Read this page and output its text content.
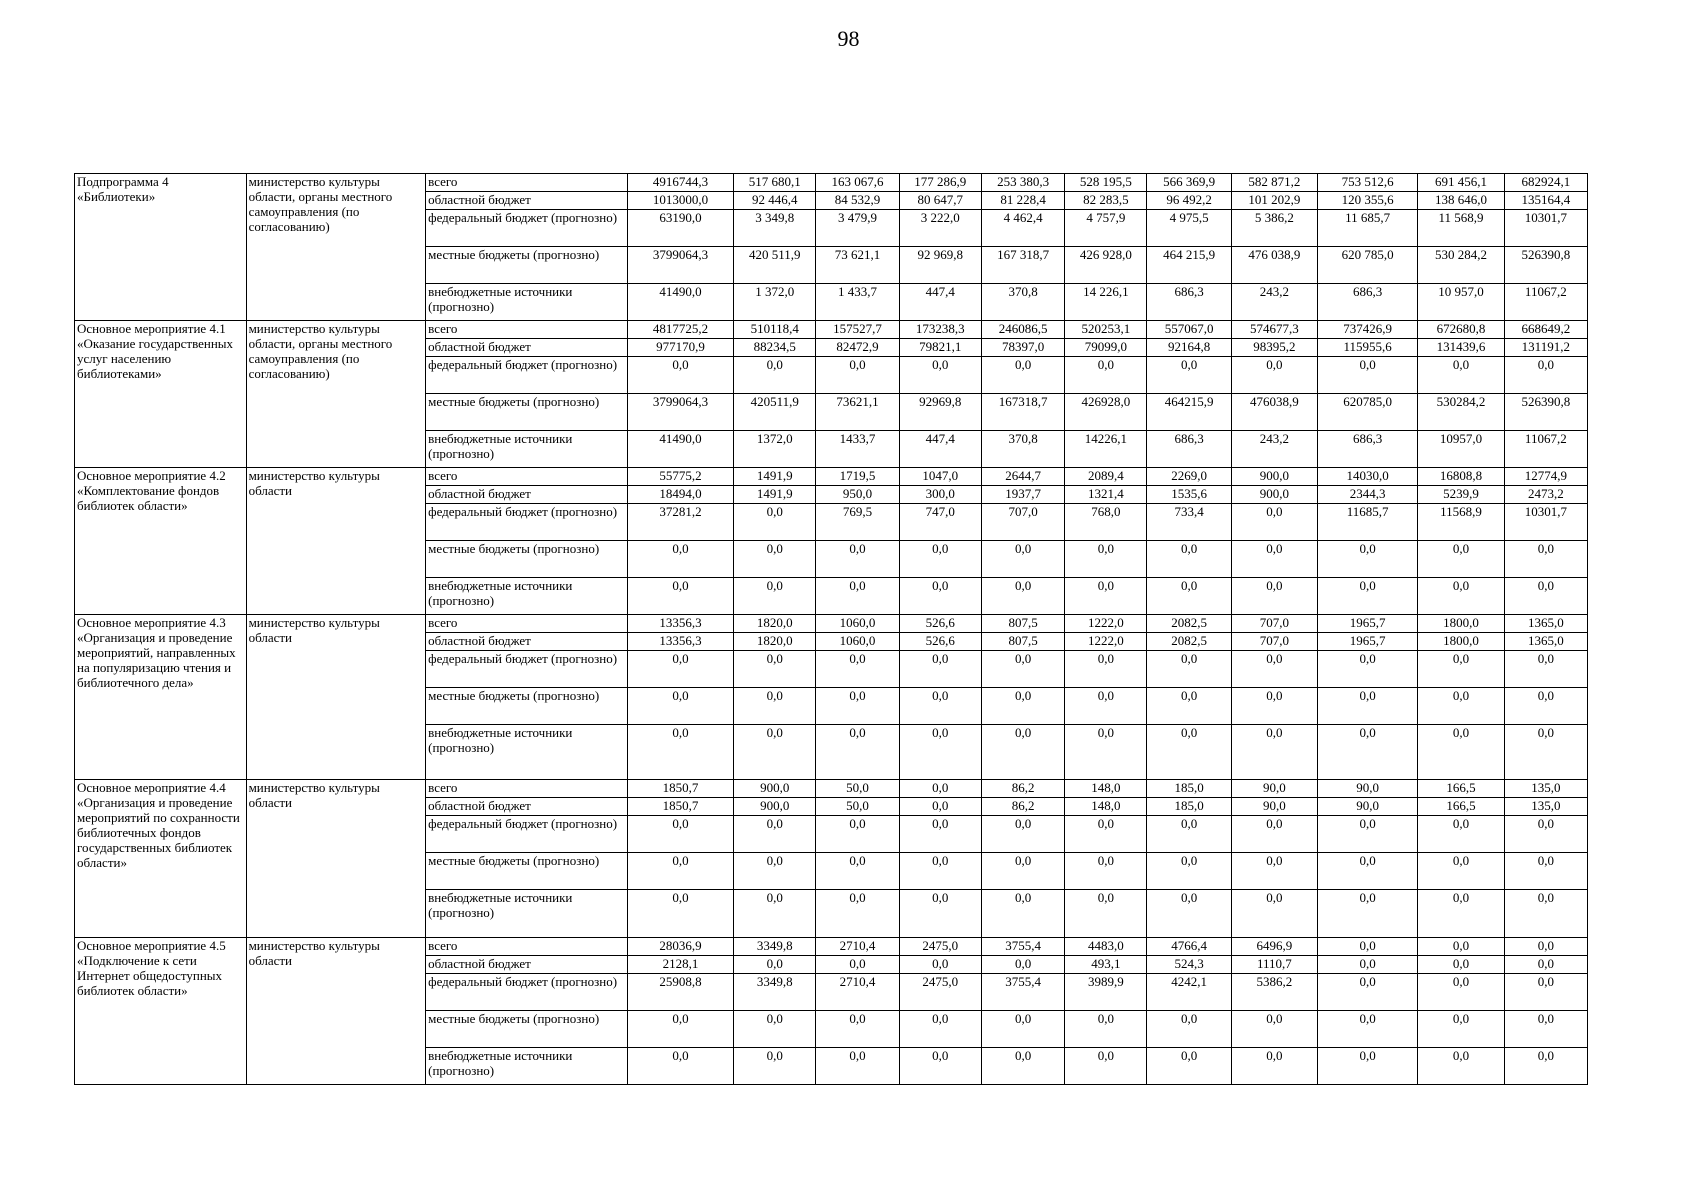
98
Подпрограмма 4 «Библиотеки»	министерство культуры области, органы местного самоуправления (по согласованию)	всего	4916744,3	517 680,1	163 067,6	177 286,9	253 380,3	528 195,5	566 369,9	582 871,2	753 512,6	691 456,1	682924,1
		областной бюджет	1013000,0	92 446,4	84 532,9	80 647,7	81 228,4	82 283,5	96 492,2	101 202,9	120 355,6	138 646,0	135164,4
		федеральный бюджет (прогнозно)	63190,0	3 349,8	3 479,9	3 222,0	4 462,4	4 757,9	4 975,5	5 386,2	11 685,7	11 568,9	10301,7
		местные бюджеты (прогнозно)	3799064,3	420 511,9	73 621,1	92 969,8	167 318,7	426 928,0	464 215,9	476 038,9	620 785,0	530 284,2	526390,8
		внебюджетные источники (прогнозно)	41490,0	1 372,0	1 433,7	447,4	370,8	14 226,1	686,3	243,2	686,3	10 957,0	11067,2
Основное мероприятие 4.1 «Оказание государственных услуг населению библиотеками»	министерство культуры области, органы местного самоуправления (по согласованию)	всего	4817725,2	510118,4	157527,7	173238,3	246086,5	520253,1	557067,0	574677,3	737426,9	672680,8	668649,2
		областной бюджет	977170,9	88234,5	82472,9	79821,1	78397,0	79099,0	92164,8	98395,2	115955,6	131439,6	131191,2
		федеральный бюджет (прогнозно)	0,0	0,0	0,0	0,0	0,0	0,0	0,0	0,0	0,0	0,0	0,0
		местные бюджеты (прогнозно)	3799064,3	420511,9	73621,1	92969,8	167318,7	426928,0	464215,9	476038,9	620785,0	530284,2	526390,8
		внебюджетные источники (прогнозно)	41490,0	1372,0	1433,7	447,4	370,8	14226,1	686,3	243,2	686,3	10957,0	11067,2
Основное мероприятие 4.2 «Комплектование фондов библиотек области»	министерство культуры области	всего	55775,2	1491,9	1719,5	1047,0	2644,7	2089,4	2269,0	900,0	14030,0	16808,8	12774,9
		областной бюджет	18494,0	1491,9	950,0	300,0	1937,7	1321,4	1535,6	900,0	2344,3	5239,9	2473,2
		федеральный бюджет (прогнозно)	37281,2	0,0	769,5	747,0	707,0	768,0	733,4	0,0	11685,7	11568,9	10301,7
		местные бюджеты (прогнозно)	0,0	0,0	0,0	0,0	0,0	0,0	0,0	0,0	0,0	0,0	0,0
		внебюджетные источники (прогнозно)	0,0	0,0	0,0	0,0	0,0	0,0	0,0	0,0	0,0	0,0	0,0
Основное мероприятие 4.3 «Организация и проведение мероприятий, направленных на популяризацию чтения и библиотечного дела»	министерство культуры области	всего	13356,3	1820,0	1060,0	526,6	807,5	1222,0	2082,5	707,0	1965,7	1800,0	1365,0
		областной бюджет	13356,3	1820,0	1060,0	526,6	807,5	1222,0	2082,5	707,0	1965,7	1800,0	1365,0
		федеральный бюджет (прогнозно)	0,0	0,0	0,0	0,0	0,0	0,0	0,0	0,0	0,0	0,0	0,0
		местные бюджеты (прогнозно)	0,0	0,0	0,0	0,0	0,0	0,0	0,0	0,0	0,0	0,0	0,0
		внебюджетные источники (прогнозно)	0,0	0,0	0,0	0,0	0,0	0,0	0,0	0,0	0,0	0,0	0,0
Основное мероприятие 4.4 «Организация и проведение мероприятий по сохранности библиотечных фондов государственных библиотек области»	министерство культуры области	всего	1850,7	900,0	50,0	0,0	86,2	148,0	185,0	90,0	90,0	166,5	135,0
		областной бюджет	1850,7	900,0	50,0	0,0	86,2	148,0	185,0	90,0	90,0	166,5	135,0
		федеральный бюджет (прогнозно)	0,0	0,0	0,0	0,0	0,0	0,0	0,0	0,0	0,0	0,0	0,0
		местные бюджеты (прогнозно)	0,0	0,0	0,0	0,0	0,0	0,0	0,0	0,0	0,0	0,0	0,0
		внебюджетные источники (прогнозно)	0,0	0,0	0,0	0,0	0,0	0,0	0,0	0,0	0,0	0,0	0,0
Основное мероприятие 4.5 «Подключение к сети Интернет общедоступных библиотек области»	министерство культуры области	всего	28036,9	3349,8	2710,4	2475,0	3755,4	4483,0	4766,4	6496,9	0,0	0,0	0,0
		областной бюджет	2128,1	0,0	0,0	0,0	0,0	493,1	524,3	1110,7	0,0	0,0	0,0
		федеральный бюджет (прогнозно)	25908,8	3349,8	2710,4	2475,0	3755,4	3989,9	4242,1	5386,2	0,0	0,0	0,0
		местные бюджеты (прогнозно)	0,0	0,0	0,0	0,0	0,0	0,0	0,0	0,0	0,0	0,0	0,0
		внебюджетные источники (прогнозно)	0,0	0,0	0,0	0,0	0,0	0,0	0,0	0,0	0,0	0,0	0,0
